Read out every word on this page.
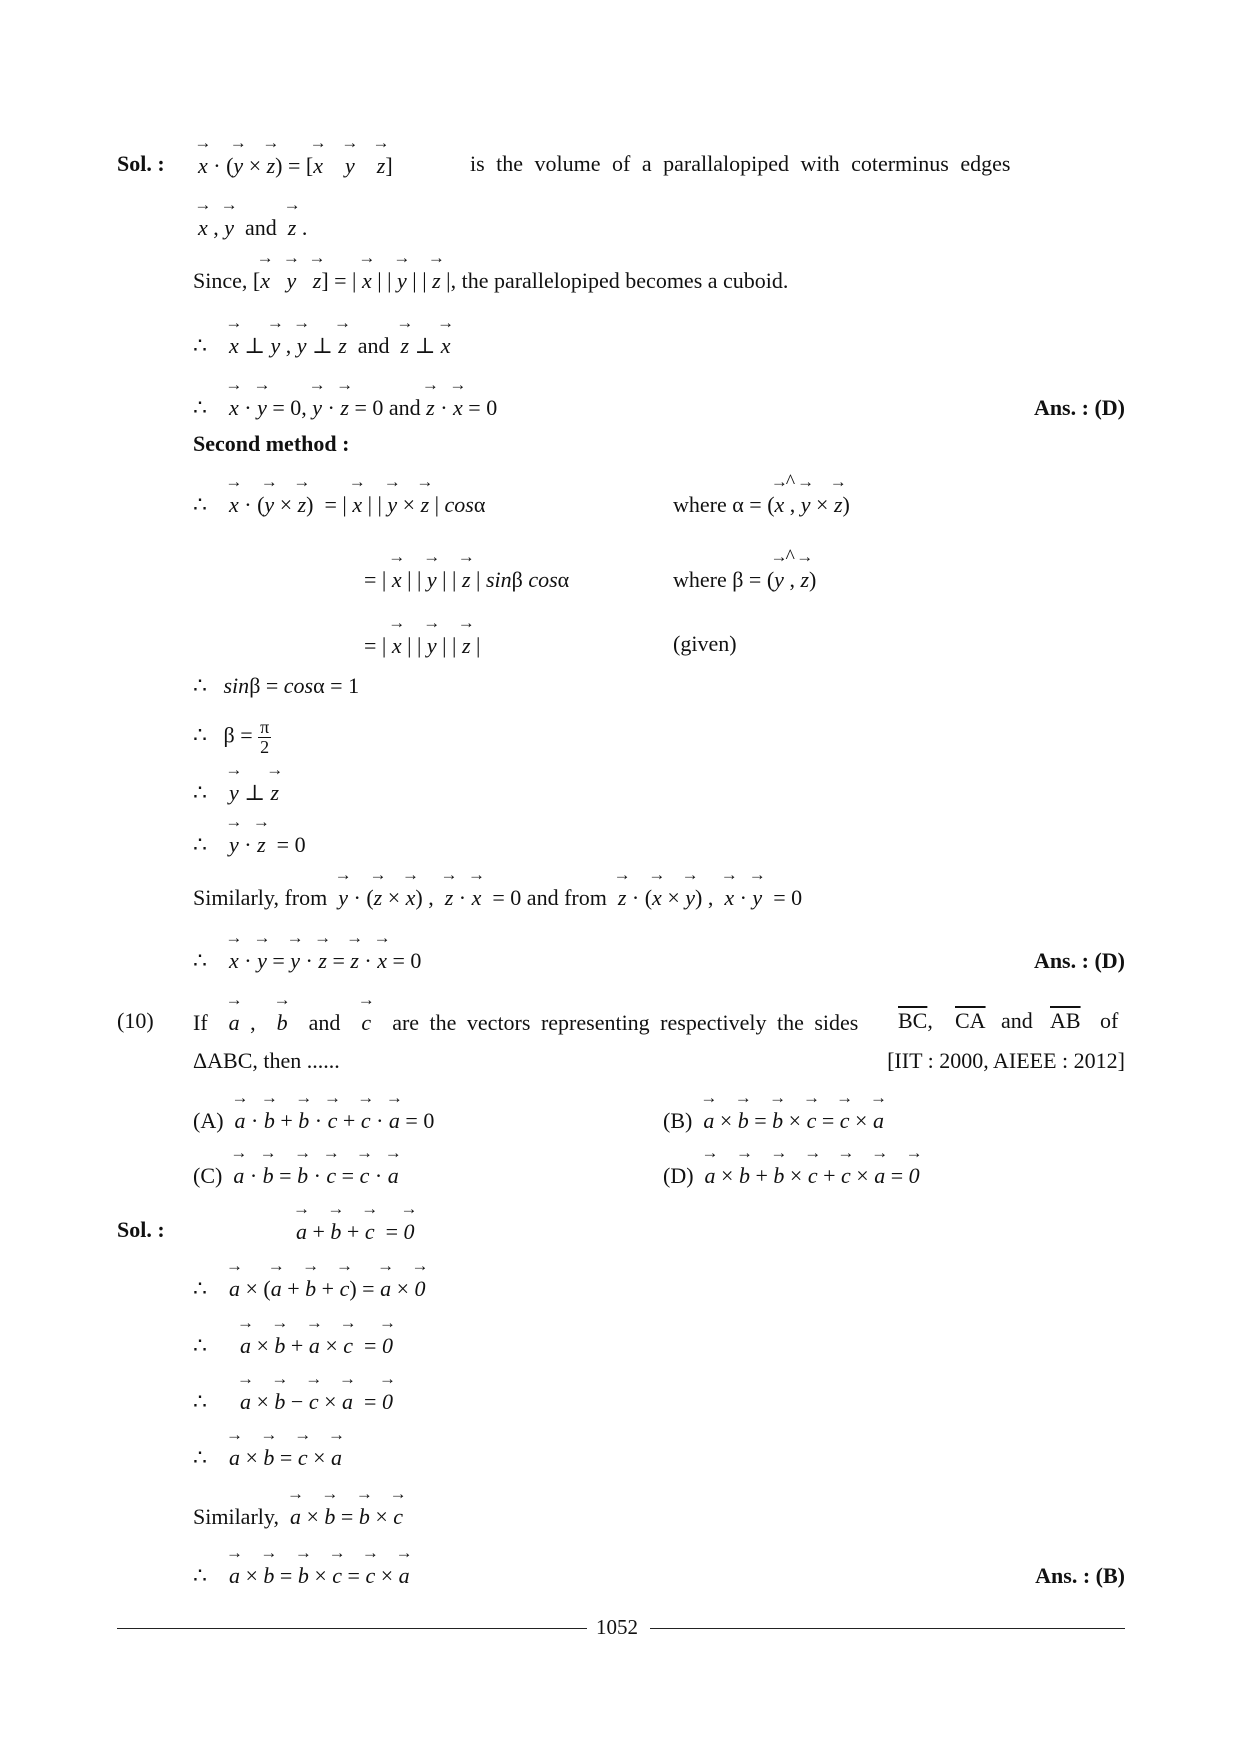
Sol. : → x · (→ y × → z) = [→ x → y → z]	is the volume of a parallalopiped with coterminus edges
→ x , → y and → z .
Since, [→ x → y → z] = | → x | | → y | | → z |, the parallelopiped becomes a cuboid.
∴ → x ⊥ → y , → y ⊥ → z and → z ⊥ → x
∴ → x · → y = 0, → y · → z = 0 and → z · → x = 0	Ans. : (D)
Second method :
∴ → x · (→ y × → z)  = | → x | | → y × → z | cosα	where α = (→ x , ^ → y × → z)
= | → x | | → y | | → z | sinβ cosα	where β = (→ y , ^ → z)
= | → x | | → y | | → z |	(given)
∴ sinβ = cosα = 1
∴   $\beta = \frac{\pi}{2}$
∴ → y ⊥ → z
∴ → y · → z  = 0
Similarly, from → y · (→ z × → x) ,  → z · → x = 0 and from → z · (→ x × → y) ,  → x · → y  = 0
∴ → x · → y = → y · → z = → z · → x = 0	Ans. : (D)
(10) If → a ,  → b and → c are the vectors representing respectively the sides $\overline{BC}$, $\overline{CA}$ and $\overline{AB}$ of
ΔABC, then ......	[IIT : 2000, AIEEE : 2012]
(A) → a · → b + → b · → c + → c · → a = 0	(B) → a × → b = → b × → c = → c × → a
(C) → a · → b = → b · → c = → c · → a	(D) → a × → b + → b × → c + → c × → a = → 0
Sol. :	→ a + → b + → c  = → 0
∴ → a × (→ a + → b + → c) = → a × → 0
∴ → a × → b + → a × → c  = → 0
∴ → a × → b − → c × → a  = → 0
∴ → a × → b = → c × → a
Similarly, → a × → b = → b × → c
∴ → a × → b = → b × → c = → c × → a	Ans. : (B)
1052
